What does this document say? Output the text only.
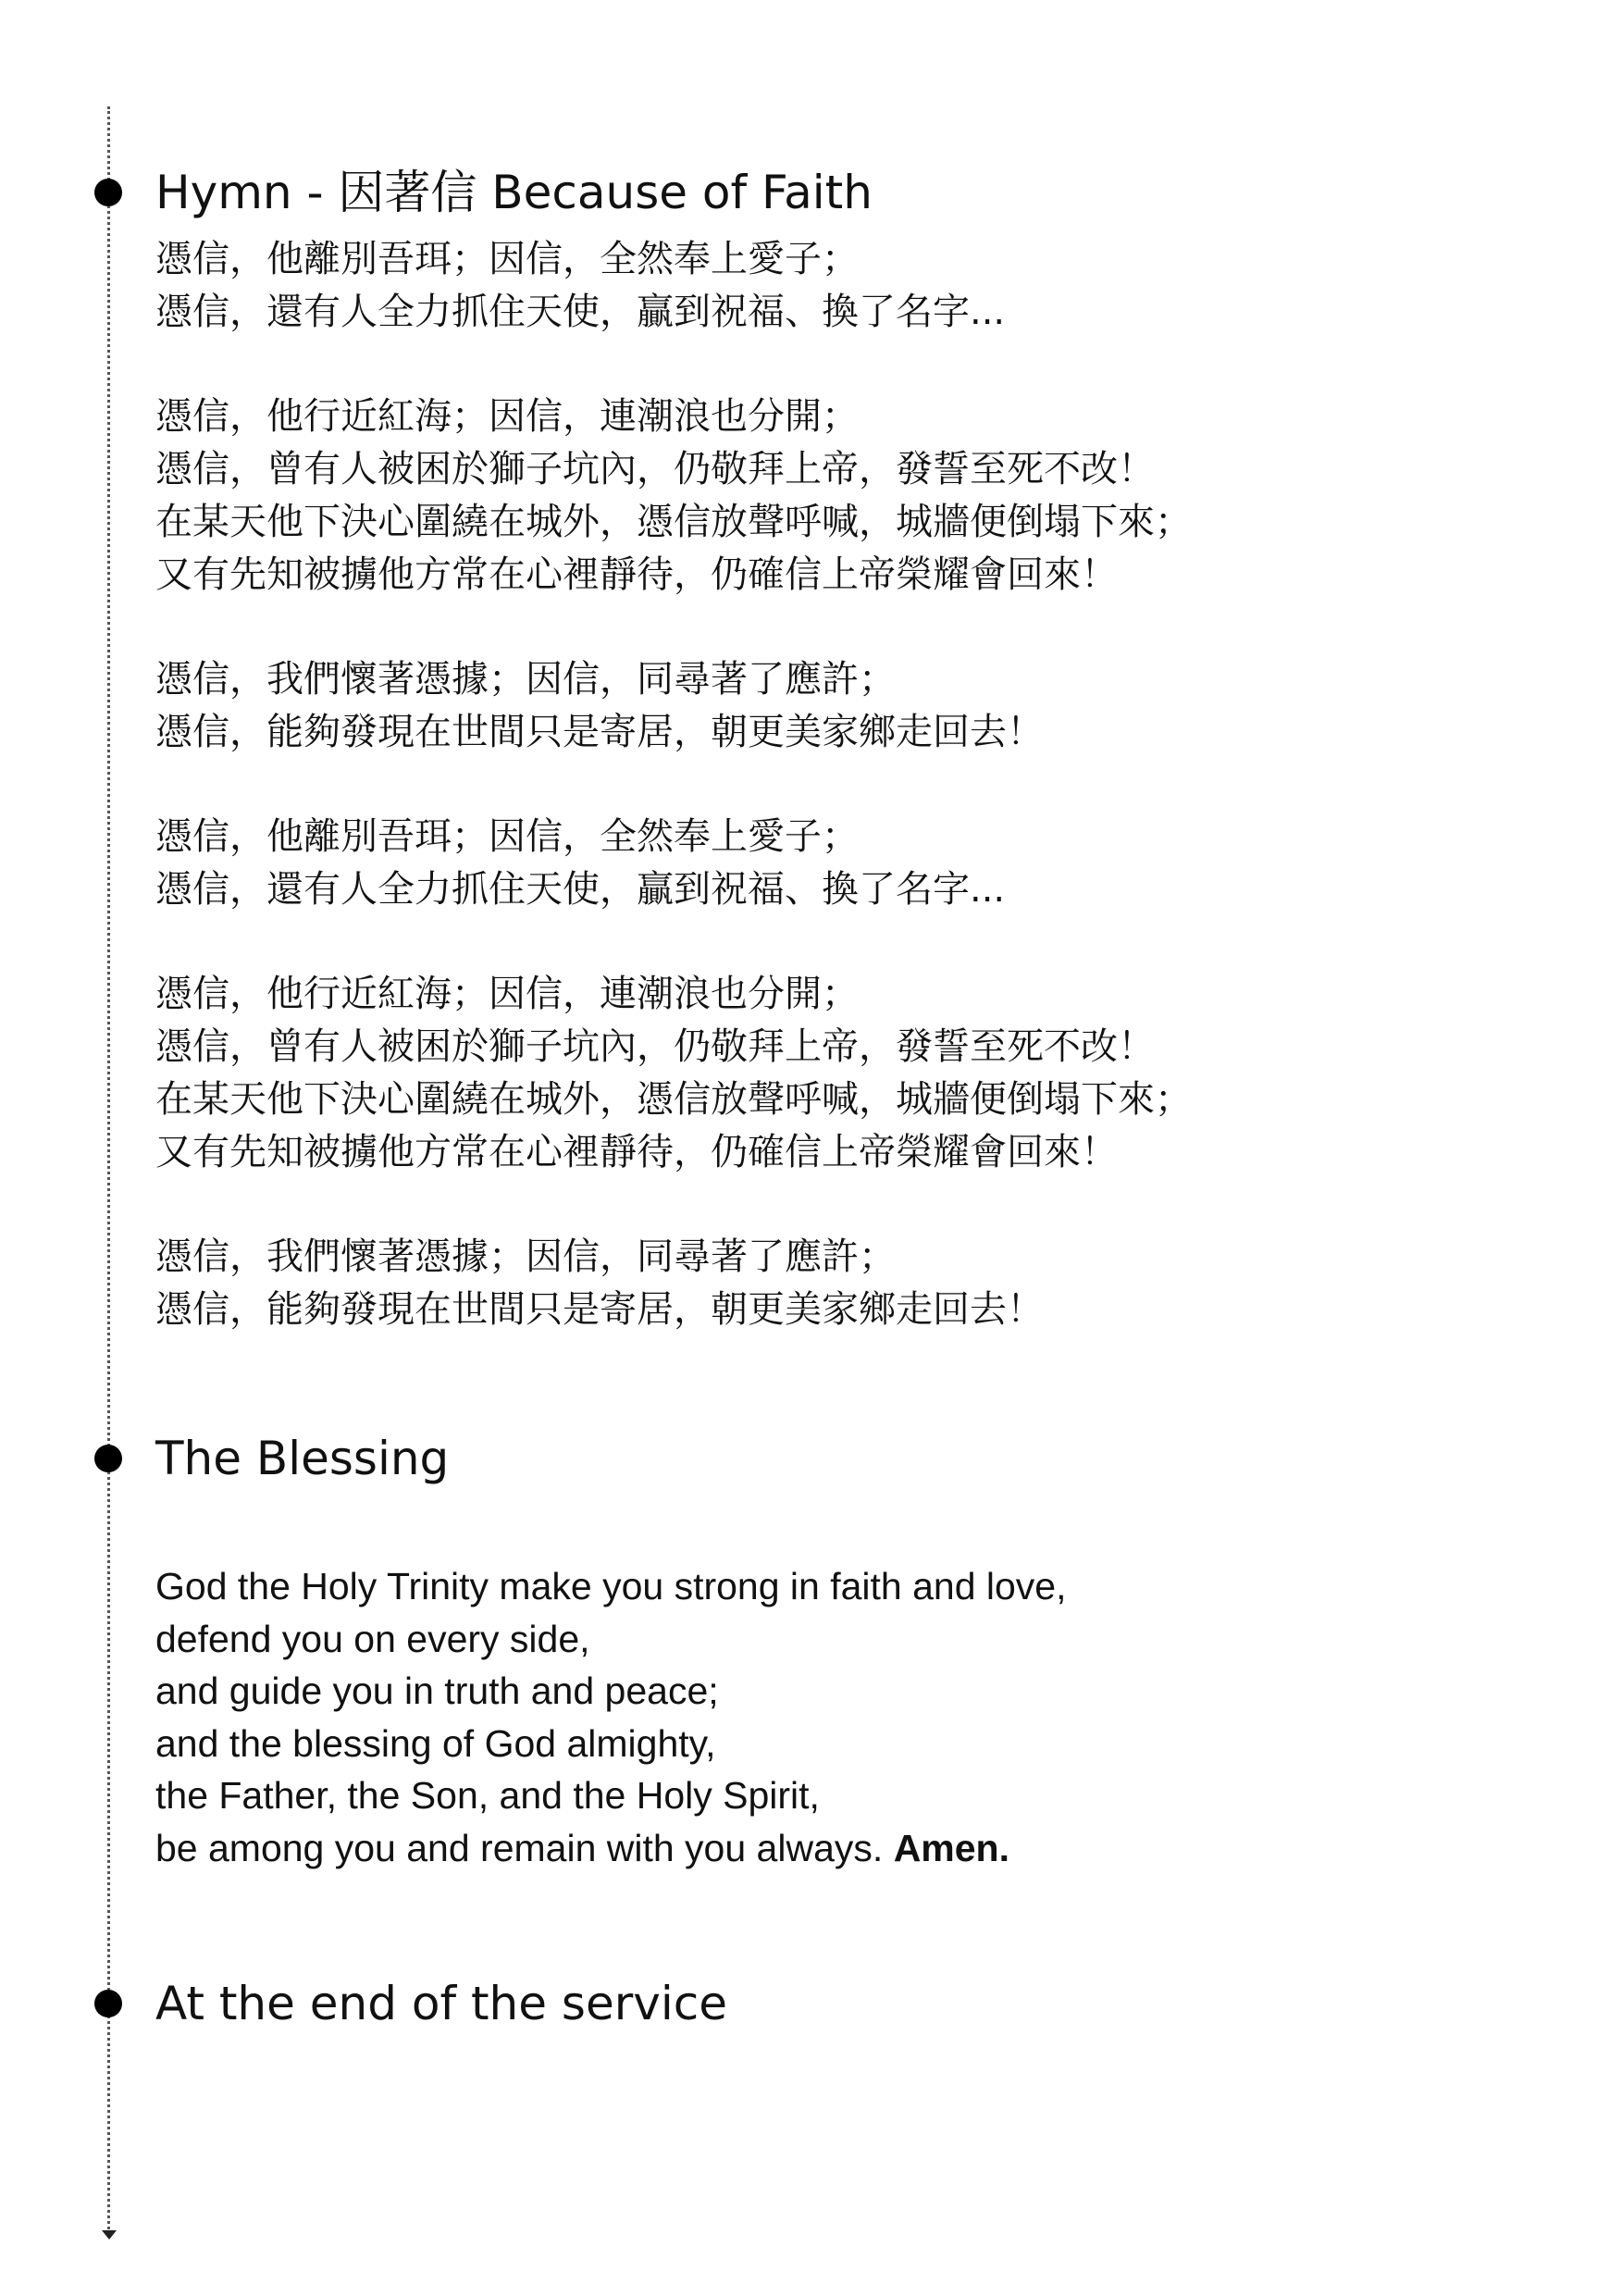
Hymn - 因著信 Because of Faith
憑信，他離別吾珥；因信，全然奉上愛子；
憑信，還有人全力抓住天使，贏到祝福、換了名字...
憑信，他行近紅海；因信，連潮浪也分開；
憑信，曾有人被困於獅子坑內，仍敬拜上帝，發誓至死不改！
在某天他下決心圍繞在城外，憑信放聲呼喊，城牆便倒塌下來；
又有先知被擄他方常在心裡靜待，仍確信上帝榮耀會回來！
憑信，我們懷著憑據；因信，同尋著了應許；
憑信，能夠發現在世間只是寄居，朝更美家鄉走回去！
憑信，他離別吾珥；因信，全然奉上愛子；
憑信，還有人全力抓住天使，贏到祝福、換了名字...
憑信，他行近紅海；因信，連潮浪也分開；
憑信，曾有人被困於獅子坑內，仍敬拜上帝，發誓至死不改！
在某天他下決心圍繞在城外，憑信放聲呼喊，城牆便倒塌下來；
又有先知被擄他方常在心裡靜待，仍確信上帝榮耀會回來！
憑信，我們懷著憑據；因信，同尋著了應許；
憑信，能夠發現在世間只是寄居，朝更美家鄉走回去！
The Blessing
God the Holy Trinity make you strong in faith and love,
defend you on every side,
and guide you in truth and peace;
and the blessing of God almighty,
the Father, the Son, and the Holy Spirit,
be among you and remain with you always. Amen.
At the end of the service
